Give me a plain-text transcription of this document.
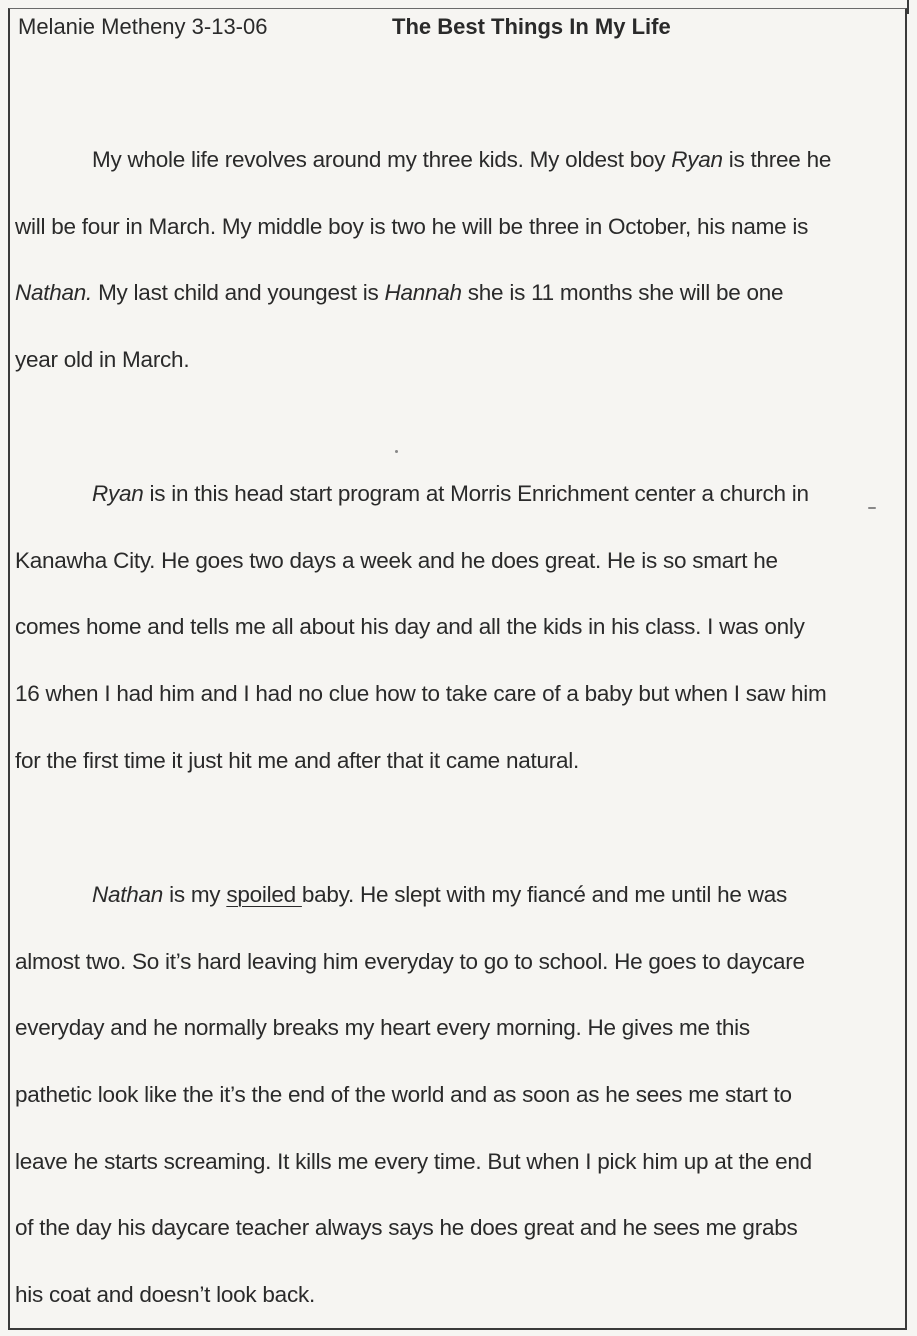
Melanie Metheny 3-13-06	The Best Things In My Life
My whole life revolves around my three kids. My oldest boy Ryan is three he
will be four in March. My middle boy is two he will be three in October, his name is
Nathan. My last child and youngest is Hannah she is 11 months she will be one
year old in March.
Ryan is in this head start program at Morris Enrichment center a church in
Kanawha City. He goes two days a week and he does great. He is so smart he
comes home and tells me all about his day and all the kids in his class. I was only
16 when I had him and I had no clue how to take care of a baby but when I saw him
for the first time it just hit me and after that it came natural.
Nathan is my spoiled baby. He slept with my fiancé and me until he was
almost two. So it’s hard leaving him everyday to go to school. He goes to daycare
everyday and he normally breaks my heart every morning. He gives me this
pathetic look like the it’s the end of the world and as soon as he sees me start to
leave he starts screaming. It kills me every time. But when I pick him up at the end
of the day his daycare teacher always says he does great and he sees me grabs
his coat and doesn’t look back.
